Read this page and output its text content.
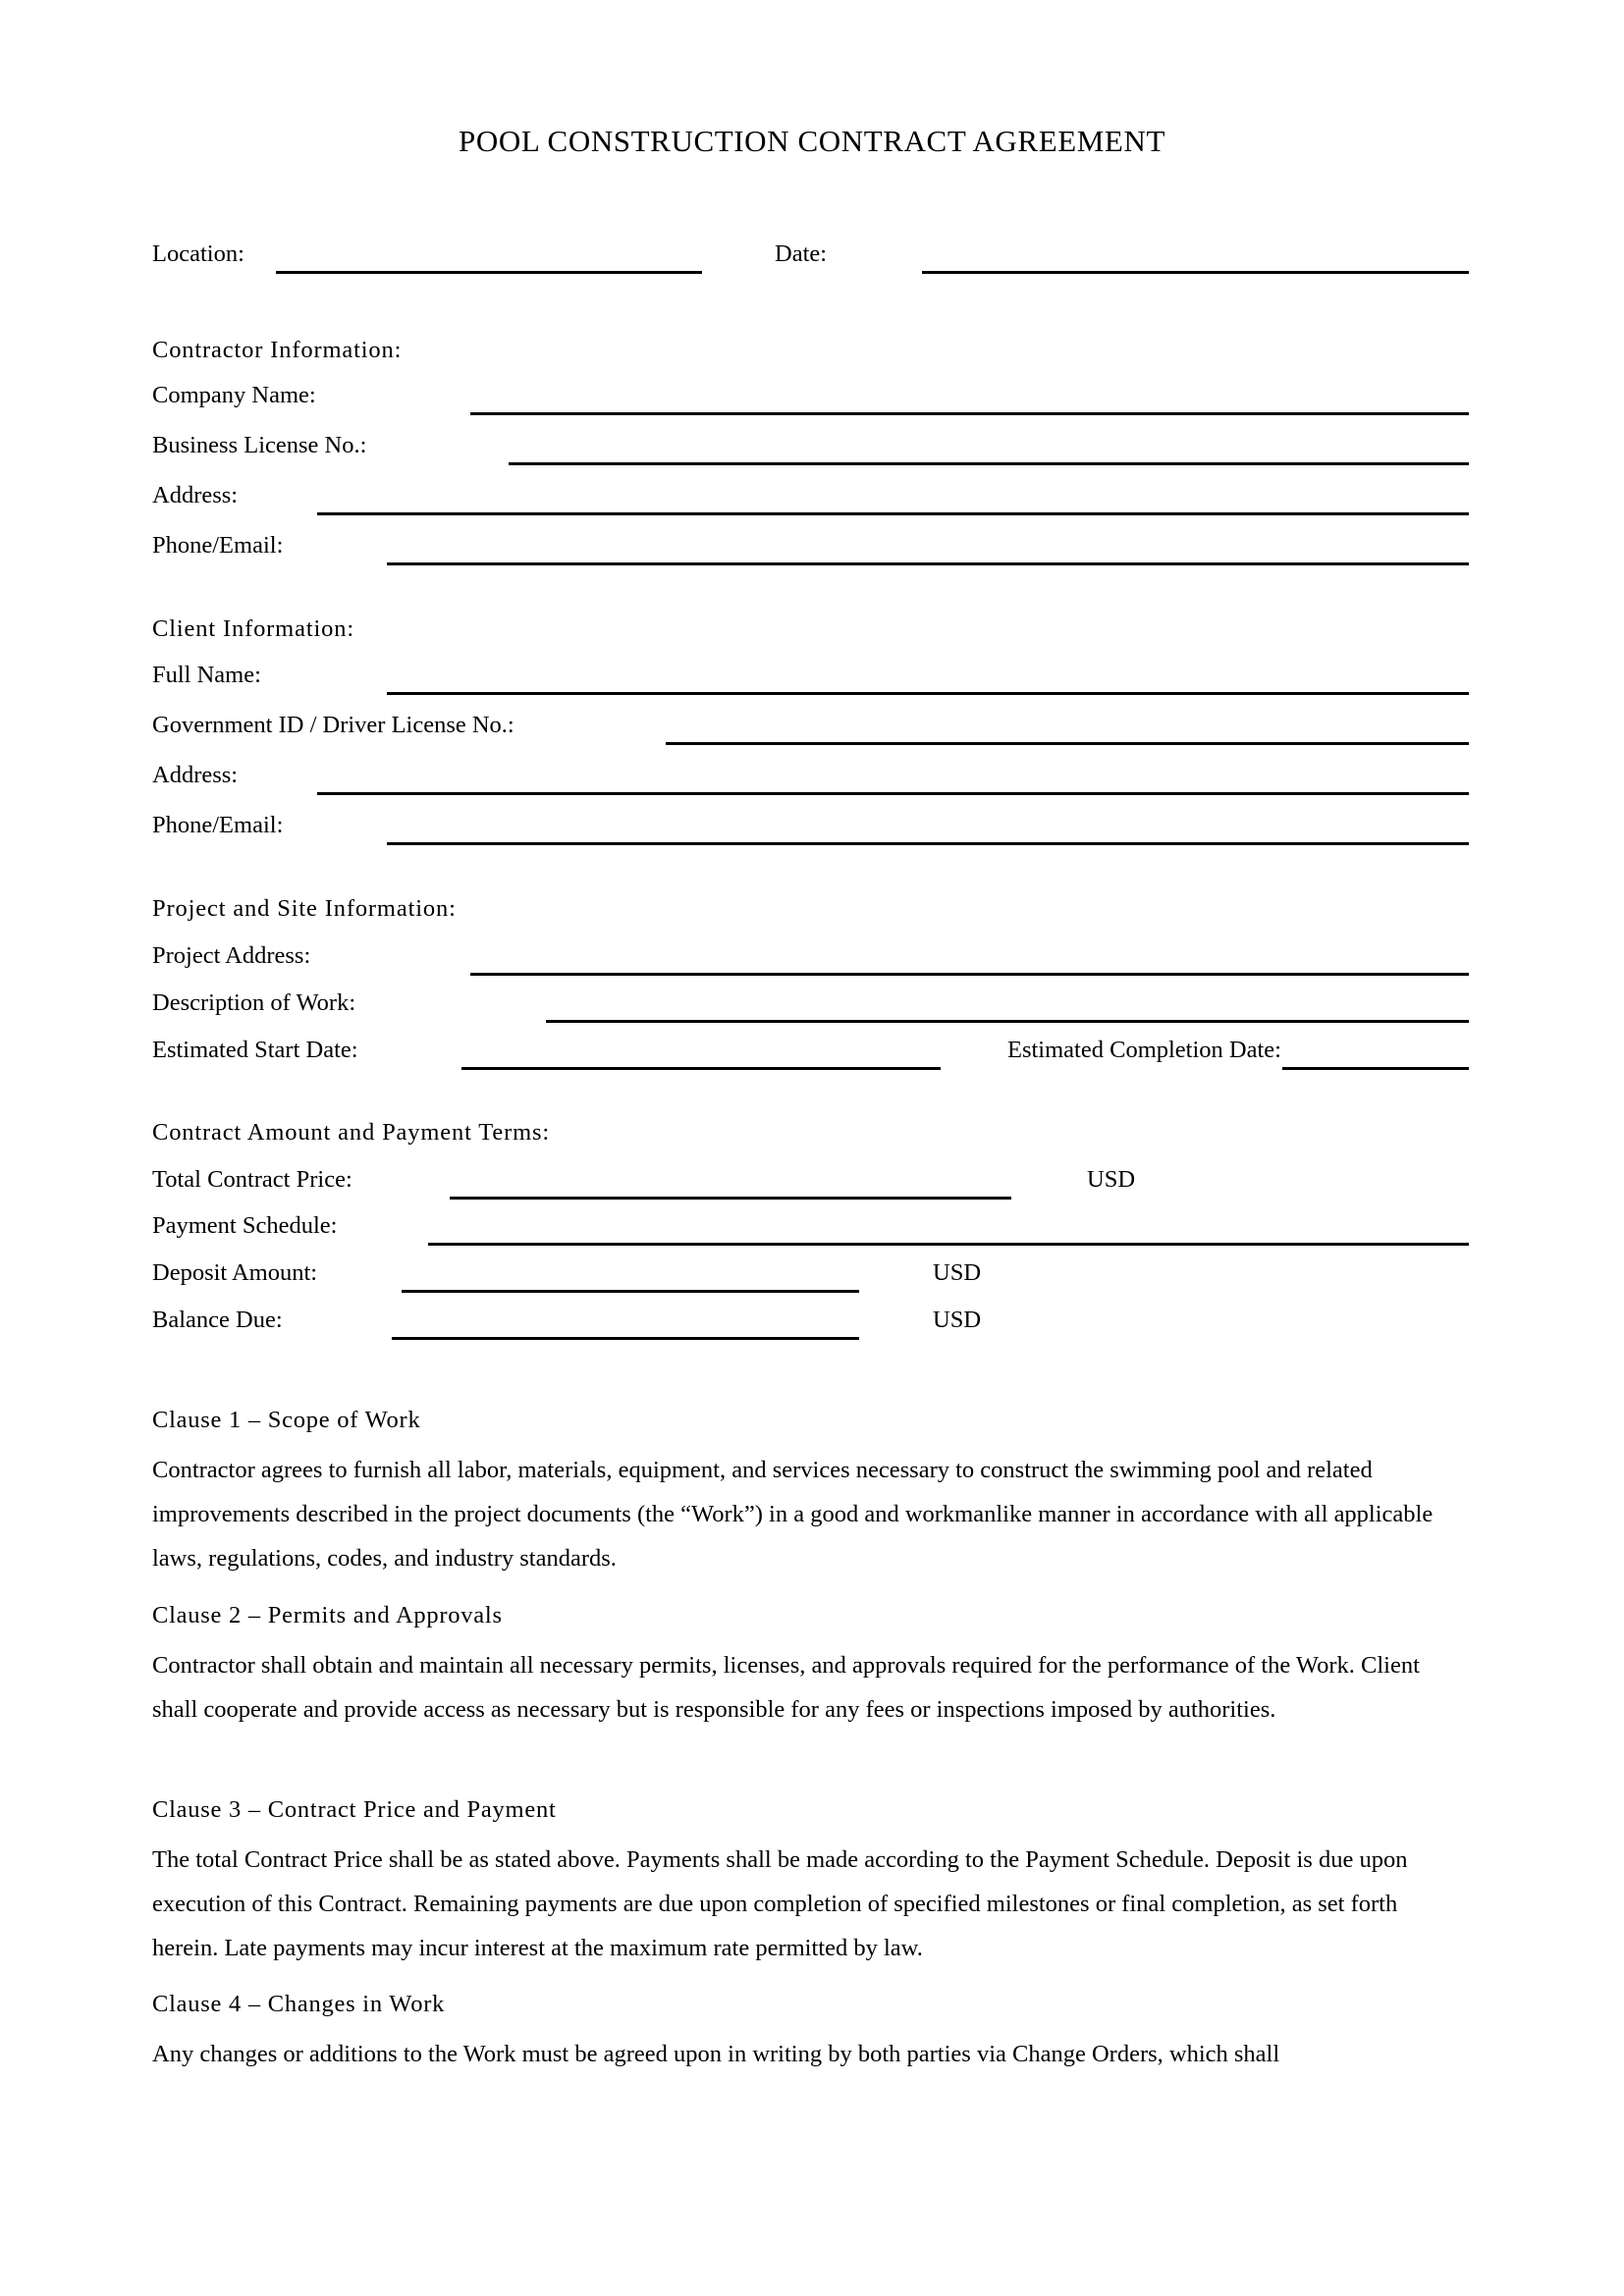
POOL CONSTRUCTION CONTRACT AGREEMENT
Location:	Date:
Contractor Information:
Company Name:
Business License No.:
Address:
Phone/Email:
Client Information:
Full Name:
Government ID / Driver License No.:
Address:
Phone/Email:
Project and Site Information:
Project Address:
Description of Work:
Estimated Start Date:	Estimated Completion Date:
Contract Amount and Payment Terms:
Total Contract Price:	USD
Payment Schedule:
Deposit Amount:	USD
Balance Due:	USD
Clause 1 – Scope of Work
Contractor agrees to furnish all labor, materials, equipment, and services necessary to construct the swimming pool and related improvements described in the project documents (the “Work”) in a good and workmanlike manner in accordance with all applicable laws, regulations, codes, and industry standards.
Clause 2 – Permits and Approvals
Contractor shall obtain and maintain all necessary permits, licenses, and approvals required for the performance of the Work. Client shall cooperate and provide access as necessary but is responsible for any fees or inspections imposed by authorities.
Clause 3 – Contract Price and Payment
The total Contract Price shall be as stated above. Payments shall be made according to the Payment Schedule. Deposit is due upon execution of this Contract. Remaining payments are due upon completion of specified milestones or final completion, as set forth herein. Late payments may incur interest at the maximum rate permitted by law.
Clause 4 – Changes in Work
Any changes or additions to the Work must be agreed upon in writing by both parties via Change Orders, which shall
